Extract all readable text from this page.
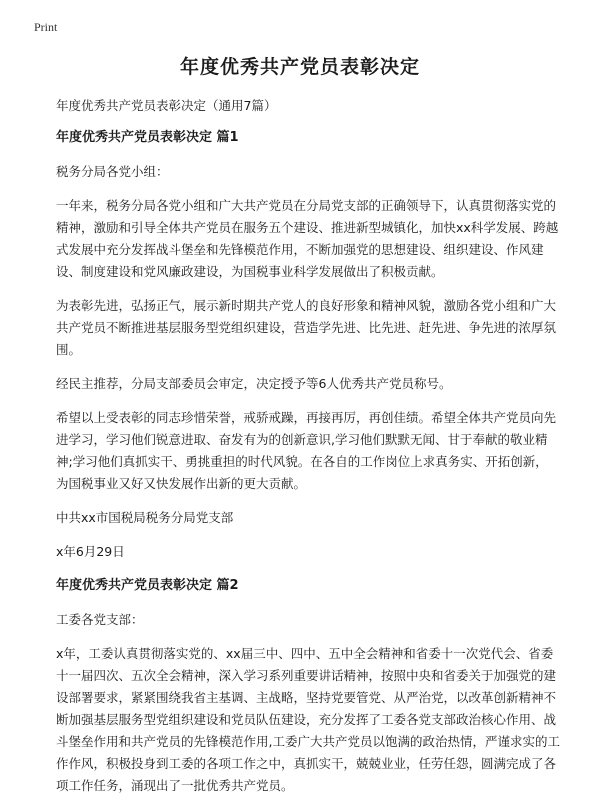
Print
年度优秀共产党员表彰决定

年度优秀共产党员表彰决定（通用7篇）

年度优秀共产党员表彰决定 篇1

税务分局各党小组：

一年来，税务分局各党小组和广大共产党员在分局党支部的正确领导下，认真贯彻落实党的精神，激励和引导全体共产党员在服务五个建设、推进新型城镇化，加快xx科学发展、跨越式发展中充分发挥战斗堡垒和先锋模范作用，不断加强党的思想建设、组织建设、作风建设、制度建设和党风廉政建设，为国税事业科学发展做出了积极贡献。

为表彰先进，弘扬正气，展示新时期共产党人的良好形象和精神风貌，激励各党小组和广大共产党员不断推进基层服务型党组织建设，营造学先进、比先进、赶先进、争先进的浓厚氛围。

经民主推荐，分局支部委员会审定，决定授予等6人优秀共产党员称号。

希望以上受表彰的同志珍惜荣誉，戒骄戒躁，再接再厉，再创佳绩。希望全体共产党员向先进学习，学习他们锐意进取、奋发有为的创新意识,学习他们默默无闻、甘于奉献的敬业精神;学习他们真抓实干、勇挑重担的时代风貌。在各自的工作岗位上求真务实、开拓创新，为国税事业又好又快发展作出新的更大贡献。

中共xx市国税局税务分局党支部

x年6月29日

年度优秀共产党员表彰决定 篇2

工委各党支部：

x年，工委认真贯彻落实党的、xx届三中、四中、五中全会精神和省委十一次党代会、省委十一届四次、五次全会精神，深入学习系列重要讲话精神，按照中央和省委关于加强党的建设部署要求，紧紧围绕我省主基调、主战略，坚持党要管党、从严治党，以改革创新精神不断加强基层服务型党组织建设和党员队伍建设，充分发挥了工委各党支部政治核心作用、战斗堡垒作用和共产党员的先锋模范作用,工委广大共产党员以饱满的政治热情，严谨求实的工作作风，积极投身到工委的各项工作之中，真抓实干，兢兢业业，任劳任怨，圆满完成了各项工作任务，涌现出了一批优秀共产党员。
